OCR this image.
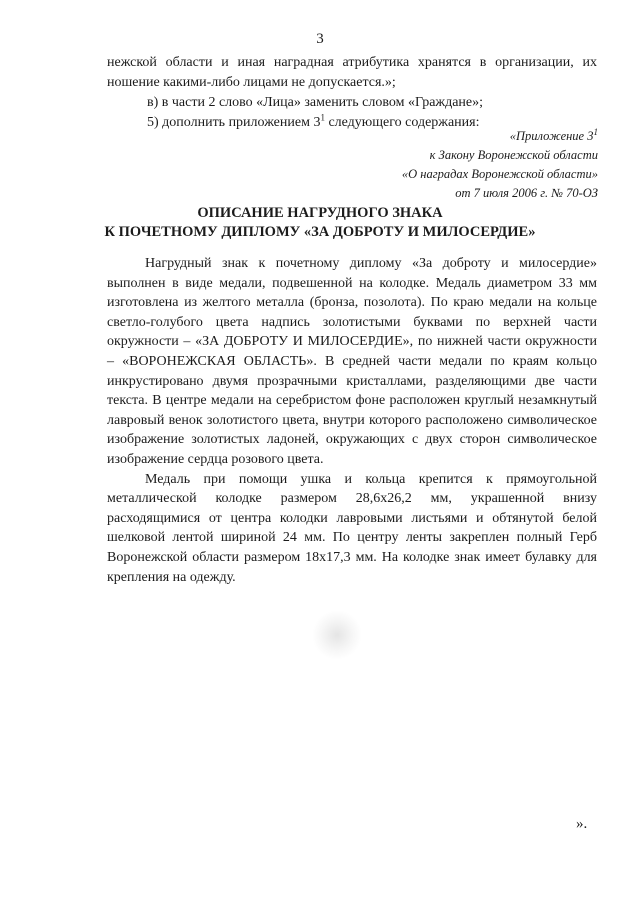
3
нежской области и иная наградная атрибутика хранятся в организации, их ношение какими-либо лицами не допускается.»;
в) в части 2 слово «Лица» заменить словом «Граждане»;
5) дополнить приложением $3^1$ следующего содержания:
«Приложение $3^1$
к Закону Воронежской области
«О наградах Воронежской области»
от 7 июля 2006 г. № 70-ОЗ
ОПИСАНИЕ НАГРУДНОГО ЗНАКА
К ПОЧЕТНОМУ ДИПЛОМУ «ЗА ДОБРОТУ И МИЛОСЕРДИЕ»

Нагрудный знак к почетному диплому «За доброту и милосердие» выполнен в виде медали, подвешенной на колодке. Медаль диаметром 33 мм изготовлена из желтого металла (бронза, позолота). По краю медали на кольце светло-голубого цвета надпись золотистыми буквами по верхней части окружности – «ЗА ДОБРОТУ И МИЛОСЕРДИЕ», по нижней части окружности – «ВОРОНЕЖСКАЯ ОБЛАСТЬ». В средней части медали по краям кольцо инкрустировано двумя прозрачными кристаллами, разделяющими две части текста. В центре медали на серебристом фоне расположен круглый незамкнутый лавровый венок золотистого цвета, внутри которого расположено символическое изображение золотистых ладоней, окружающих с двух сторон символическое изображение сердца розового цвета.

Медаль при помощи ушка и кольца крепится к прямоугольной металлической колодке размером 28,6х26,2 мм, украшенной внизу расходящимися от центра колодки лавровыми листьями и обтянутой белой шелковой лентой шириной 24 мм. По центру ленты закреплен полный Герб Воронежской области размером 18х17,3 мм. На колодке знак имеет булавку для крепления на одежду.

».
